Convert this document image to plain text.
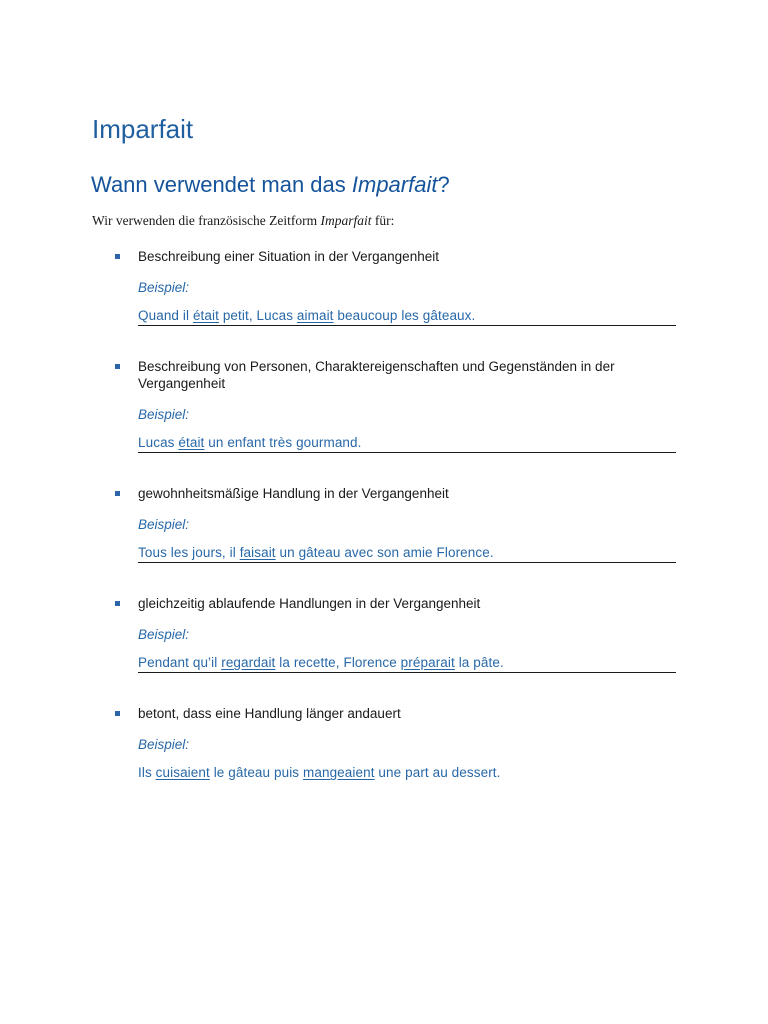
Imparfait
Wann verwendet man das Imparfait?

Wir verwenden die französische Zeitform Imparfait für:

Beschreibung einer Situation in der Vergangenheit

Beispiel:

Quand il était petit, Lucas aimait beaucoup les gâteaux.

Beschreibung von Personen, Charaktereigenschaften und Gegenständen in der Vergangenheit

Beispiel:

Lucas était un enfant très gourmand.

gewohnheitsmäßige Handlung in der Vergangenheit

Beispiel:

Tous les jours, il faisait un gâteau avec son amie Florence.

gleichzeitig ablaufende Handlungen in der Vergangenheit

Beispiel:

Pendant qu’il regardait la recette, Florence préparait la pâte.

betont, dass eine Handlung länger andauert

Beispiel:

Ils cuisaient le gâteau puis mangeaient une part au dessert.
